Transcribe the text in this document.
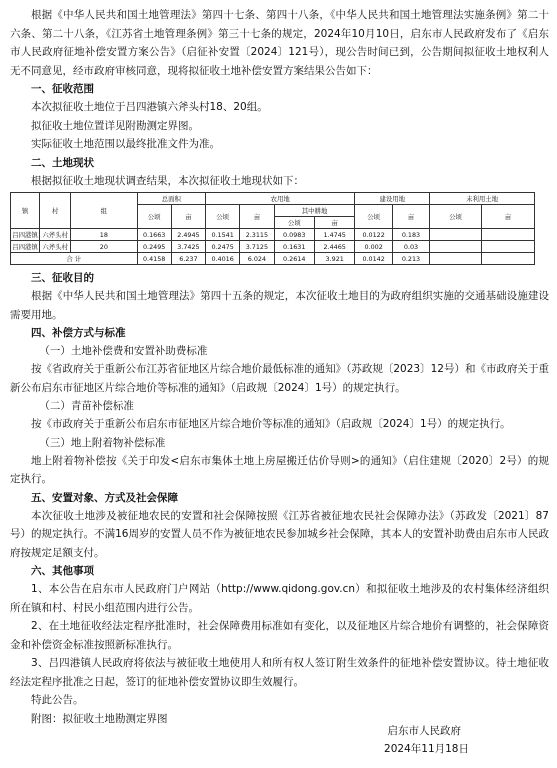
根据《中华人民共和国土地管理法》第四十七条、第四十八条，《中华人民共和国土地管理法实施条例》第二十六条、第二十八条，《江苏省土地管理条例》第三十七条的规定，2024年10月10日，启东市人民政府发布了《启东市人民政府征地补偿安置方案公告》（启征补安置〔2024〕121号），现公告时间已到，公告期间拟征收土地权利人无不同意见，经市政府审核同意，现将拟征收土地补偿安置方案结果公告如下：

一、征收范围

本次拟征收土地位于吕四港镇六斧头村18、20组。

拟征收土地位置详见附勘测定界图。

实际征收土地范围以最终批准文件为准。

二、土地现状

根据拟征收土地现状调查结果，本次拟征收土地现状如下：

镇	村	组	总面积		农用地				建设用地		未利用土地	
			公顷	亩	公顷	亩	其中耕地		公顷	亩	公顷	亩
							公顷	亩				
吕四港镇	六斧头村	18	0.1663	2.4945	0.1541	2.3115	0.0983	1.4745	0.0122	0.183		
吕四港镇	六斧头村	20	0.2495	3.7425	0.2475	3.7125	0.1631	2.4465	0.002	0.03		
合 计			0.4158	6.237	0.4016	6.024	0.2614	3.921	0.0142	0.213		

三、征收目的

根据《中华人民共和国土地管理法》第四十五条的规定，本次征收土地目的为政府组织实施的交通基础设施建设需要用地。

四、补偿方式与标准

（一）土地补偿费和安置补助费标准

按《省政府关于重新公布江苏省征地区片综合地价最低标准的通知》（苏政规〔2023〕12号）和《市政府关于重新公布启东市征地区片综合地价等标准的通知》（启政规〔2024〕1号）的规定执行。

（二）青苗补偿标准

按《市政府关于重新公布启东市征地区片综合地价等标准的通知》（启政规〔2024〕1号）的规定执行。

（三）地上附着物补偿标准

地上附着物补偿按《关于印发<启东市集体土地上房屋搬迁估价导则>的通知》（启住建规〔2020〕2号）的规定执行。

五、安置对象、方式及社会保障

本次征收土地涉及被征地农民的安置和社会保障按照《江苏省被征地农民社会保障办法》（苏政发〔2021〕87号）的规定执行。不满16周岁的安置人员不作为被征地农民参加城乡社会保障，其本人的安置补助费由启东市人民政府按规定足额支付。

六、其他事项

1、本公告在启东市人民政府门户网站（http://www.qidong.gov.cn）和拟征收土地涉及的农村集体经济组织所在镇和村、村民小组范围内进行公告。

2、在土地征收经法定程序批准时，社会保障费用标准如有变化，以及征地区片综合地价有调整的，社会保障资金和补偿资金标准按照新标准执行。

3、吕四港镇人民政府将依法与被征收土地使用人和所有权人签订附生效条件的征地补偿安置协议。待土地征收经法定程序批准之日起，签订的征地补偿安置协议即生效履行。

特此公告。

附图：拟征收土地勘测定界图

启东市人民政府
2024年11月18日
